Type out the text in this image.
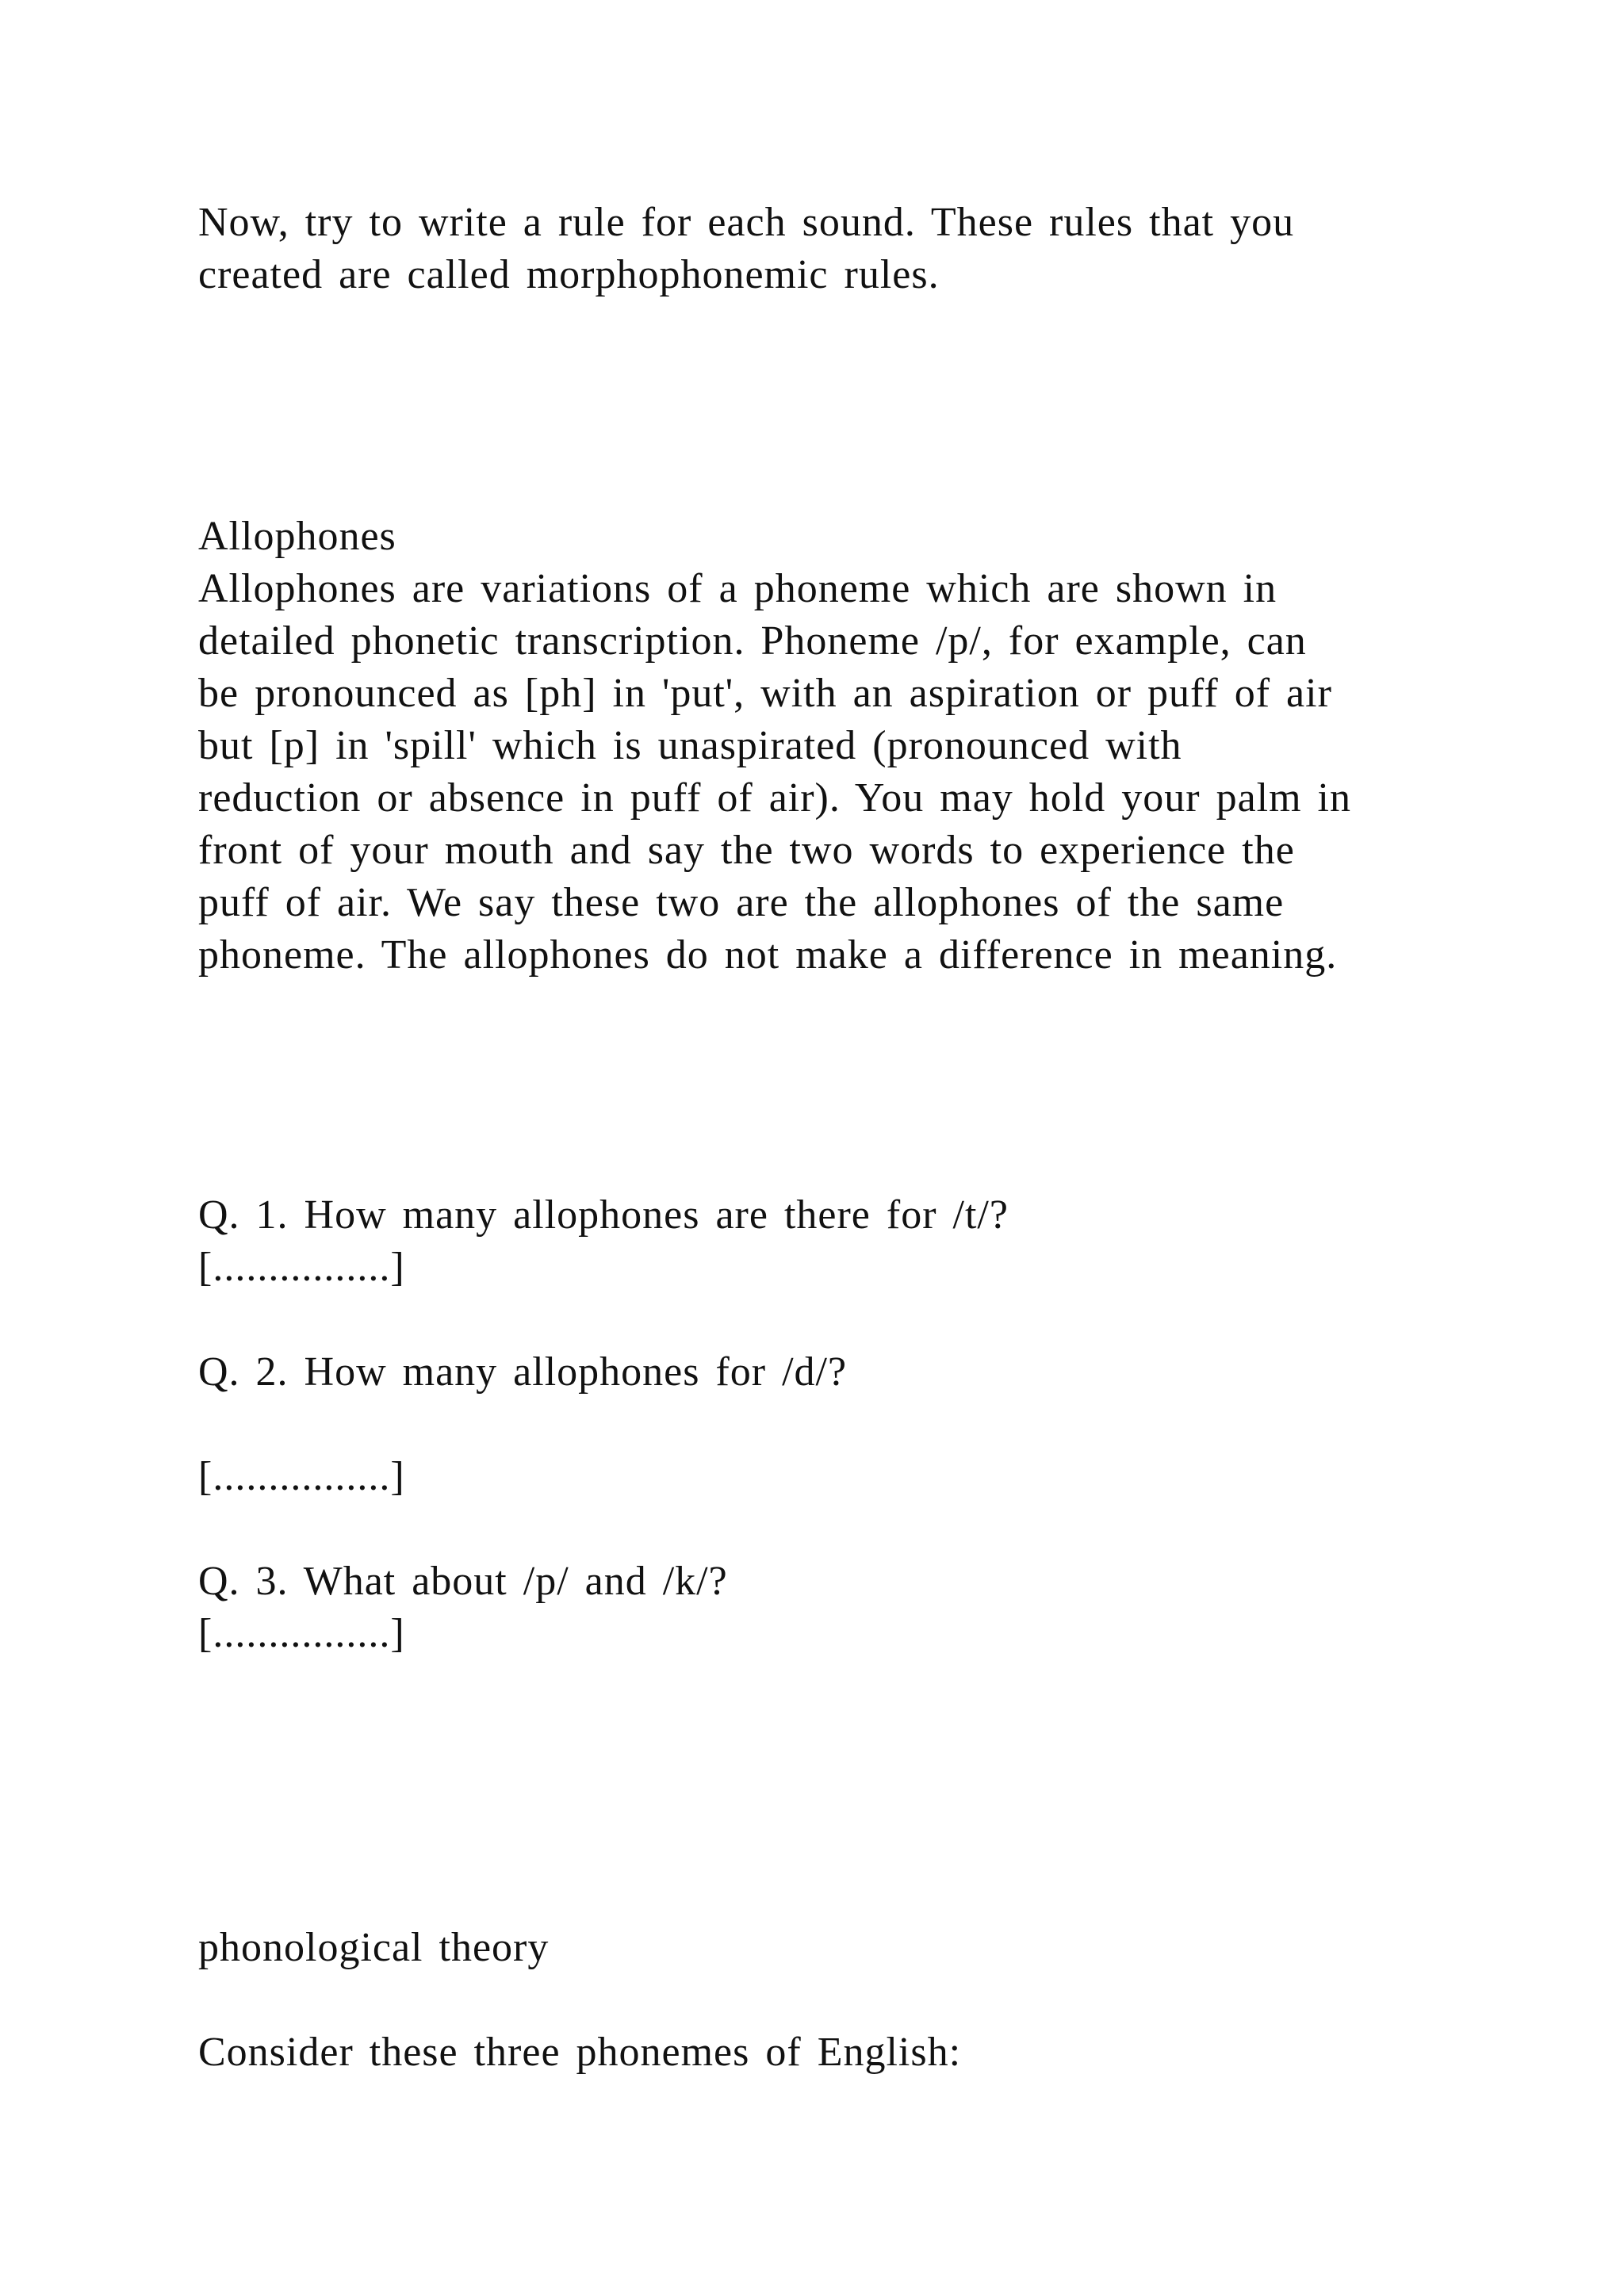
Now, try to write a rule for each sound. These rules that you
created are called morphophonemic rules.
Allophones
Allophones are variations of a phoneme which are shown in
detailed phonetic transcription. Phoneme /p/, for example, can
be pronounced as [ph] in 'put', with an aspiration or puff of air
but [p] in 'spill' which is unaspirated (pronounced with
reduction or absence in puff of air). You may hold your palm in
front of your mouth and say the two words to experience the
puff of air. We say these two are the allophones of the same
phoneme. The allophones do not make a difference in meaning.
Q. 1. How many allophones are there for /t/?
[................]
Q. 2. How many allophones for /d/?
[................]
Q. 3. What about /p/ and /k/?
[................]
phonological theory
Consider these three phonemes of English:
